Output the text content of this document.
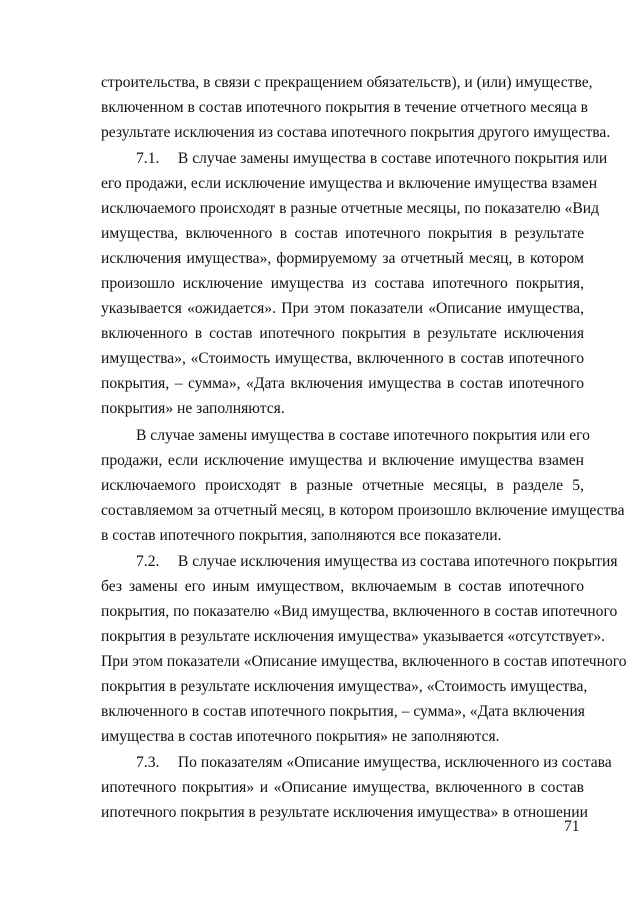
строительства, в связи с прекращением обязательств), и (или) имуществе,
включенном в состав ипотечного покрытия в течение отчетного месяца в
результате исключения из состава ипотечного покрытия другого имущества.
7.1. В случае замены имущества в составе ипотечного покрытия или
его продажи, если исключение имущества и включение имущества взамен
исключаемого происходят в разные отчетные месяцы, по показателю «Вид
имущества, включенного в состав ипотечного покрытия в результате
исключения имущества», формируемому за отчетный месяц, в котором
произошло исключение имущества из состава ипотечного покрытия,
указывается «ожидается». При этом показатели «Описание имущества,
включенного в состав ипотечного покрытия в результате исключения
имущества», «Стоимость имущества, включенного в состав ипотечного
покрытия, – сумма», «Дата включения имущества в состав ипотечного
покрытия» не заполняются.
В случае замены имущества в составе ипотечного покрытия или его
продажи, если исключение имущества и включение имущества взамен
исключаемого происходят в разные отчетные месяцы, в разделе 5,
составляемом за отчетный месяц, в котором произошло включение имущества
в состав ипотечного покрытия, заполняются все показатели.
7.2. В случае исключения имущества из состава ипотечного покрытия
без замены его иным имуществом, включаемым в состав ипотечного
покрытия, по показателю «Вид имущества, включенного в состав ипотечного
покрытия в результате исключения имущества» указывается «отсутствует».
При этом показатели «Описание имущества, включенного в состав ипотечного
покрытия в результате исключения имущества», «Стоимость имущества,
включенного в состав ипотечного покрытия, – сумма», «Дата включения
имущества в состав ипотечного покрытия» не заполняются.
7.3. По показателям «Описание имущества, исключенного из состава
ипотечного покрытия» и «Описание имущества, включенного в состав
ипотечного покрытия в результате исключения имущества» в отношении
71
